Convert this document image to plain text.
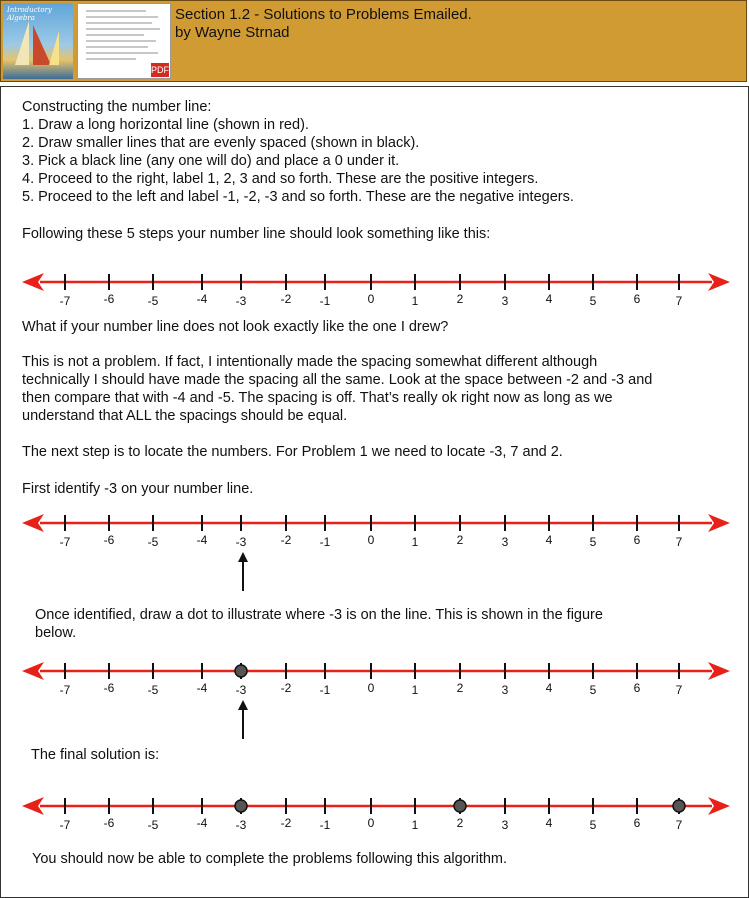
Introductory Algebra
PDF
Section 1.2 - Solutions to Problems Emailed.
by Wayne Strnad
Constructing the number line:
1. Draw a long horizontal line (shown in red).
2. Draw smaller lines that are evenly spaced (shown in black).
3. Pick a black line (any one will do) and place a 0 under it.
4. Proceed to the right, label 1, 2, 3 and so forth. These are the positive integers.
5. Proceed to the left and label -1, -2, -3 and so forth. These are the negative integers.
Following these 5 steps your number line should look something like this:
-7	-6	-5	-4 -3	-2 -1	0	1	2	3	4	5	6	7
What if your number line does not look exactly like the one I drew?
This is not a problem. If fact, I intentionally made the spacing somewhat different although
technically I should have made the spacing all the same. Look at the space between -2 and -3 and
then compare that with -4 and -5. The spacing is off. That’s really ok right now as long as we
understand that ALL the spacings should be equal.
The next step is to locate the numbers. For Problem 1 we need to locate -3, 7 and 2.
First identify -3 on your number line.
-7	-6	-5	-4 -3	-2 -1	0	1	2	3	4	5	6	7
Once identified, draw a dot to illustrate where -3 is on the line. This is shown in the figure
below.
-7	-6	-5	-4 -3	-2 -1	0	1	2	3	4	5	6	7
The final solution is:
-7	-6	-5	-4 -3	-2 -1	0	1	2	3	4	5	6	7
You should now be able to complete the problems following this algorithm.
